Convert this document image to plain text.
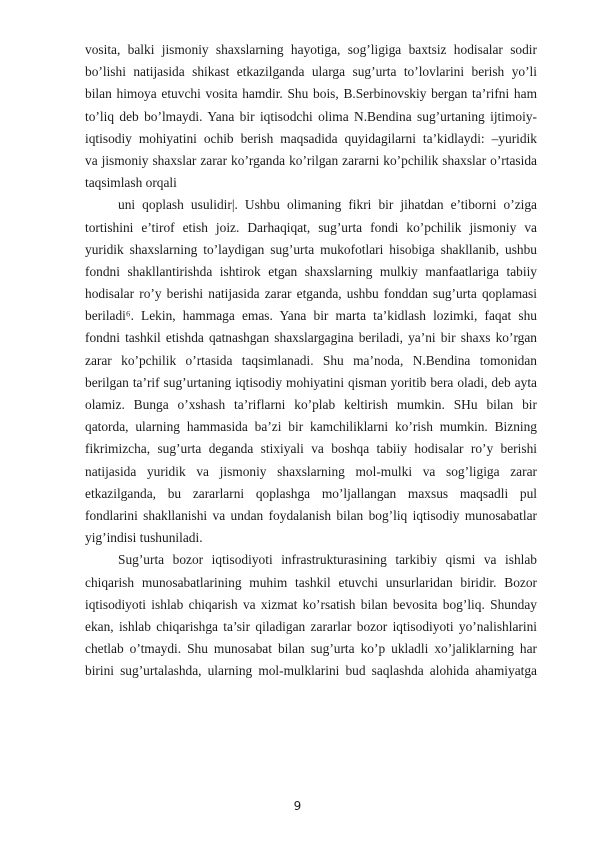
vosita, balki jismoniy shaxslarning hayotiga, sog’ligiga baxtsiz hodisalar sodir
bo’lishi natijasida shikast etkazilganda ularga sug’urta to’lovlarini berish yo’li
bilan himoya etuvchi vosita hamdir. Shu bois, B.Serbinovskiy bergan ta’rifni ham
to’liq deb bo’lmaydi. Yana bir iqtisodchi olima N.Bendina sug’urtaning ijtimoiy-
iqtisodiy mohiyatini ochib berish maqsadida quyidagilarni ta’kidlaydi: –yuridik
va jismoniy shaxslar zarar ko’rganda ko’rilgan zararni ko’pchilik shaxslar o’rtasida
taqsimlash orqali
uni qoplash usulidir|. Ushbu olimaning fikri bir jihatdan e’tiborni o’ziga
tortishini e’tirof etish joiz. Darhaqiqat, sug’urta fondi ko’pchilik jismoniy va
yuridik shaxslarning to’laydigan sug’urta mukofotlari hisobiga shakllanib, ushbu
fondni shakllantirishda ishtirok etgan shaxslarning mulkiy manfaatlariga tabiiy
hodisalar ro’y berishi natijasida zarar etganda, ushbu fonddan sug’urta qoplamasi
beriladi⁶. Lekin, hammaga emas. Yana bir marta ta’kidlash lozimki, faqat shu
fondni tashkil etishda qatnashgan shaxslargagina beriladi, ya’ni bir shaxs ko’rgan
zarar ko’pchilik o’rtasida taqsimlanadi. Shu ma’noda, N.Bendina tomonidan
berilgan ta’rif sug’urtaning iqtisodiy mohiyatini qisman yoritib bera oladi, deb ayta
olamiz. Bunga o’xshash ta’riflarni ko’plab keltirish mumkin. SHu bilan bir
qatorda, ularning hammasida ba’zi bir kamchiliklarni ko’rish mumkin. Bizning
fikrimizcha, sug’urta deganda stixiyali va boshqa tabiiy hodisalar ro’y berishi
natijasida yuridik va jismoniy shaxslarning mol-mulki va sog’ligiga zarar
etkazilganda, bu zararlarni qoplashga mo’ljallangan maxsus maqsadli pul
fondlarini shakllanishi va undan foydalanish bilan bog’liq iqtisodiy munosabatlar
yig’indisi tushuniladi.
Sug’urta bozor iqtisodiyoti infrastrukturasining tarkibiy qismi va ishlab
chiqarish munosabatlarining muhim tashkil etuvchi unsurlaridan biridir. Bozor
iqtisodiyoti ishlab chiqarish va xizmat ko’rsatish bilan bevosita bog’liq. Shunday
ekan, ishlab chiqarishga ta’sir qiladigan zararlar bozor iqtisodiyoti yo’nalishlarini
chetlab o’tmaydi. Shu munosabat bilan sug’urta ko’p ukladli xo’jaliklarning har
birini sug’urtalashda, ularning mol-mulklarini bud saqlashda alohida ahamiyatga
9
